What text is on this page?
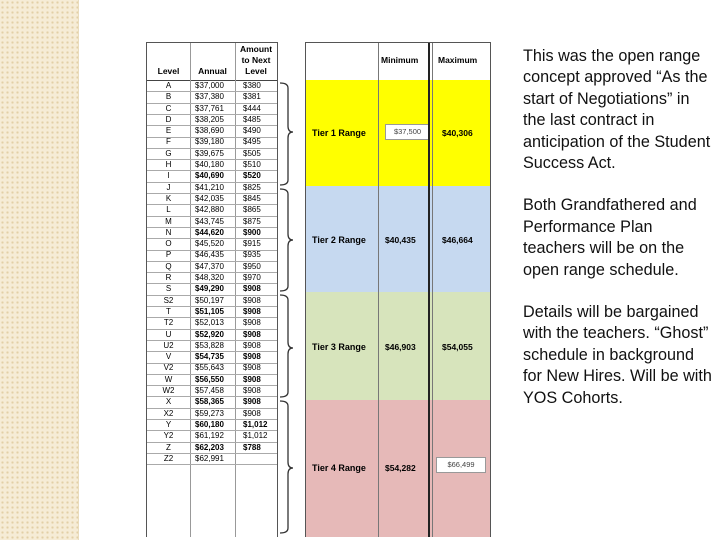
Level	Annual
Amount
to Next
Level
A	$37,000	$380
B	$37,380	$381
C	$37,761	$444
D	$38,205	$485
E	$38,690	$490
F	$39,180	$495
G	$39,675	$505
H	$40,180	$510
I	$40,690	$520
J	$41,210	$825
K	$42,035	$845
L	$42,880	$865
M	$43,745	$875
N	$44,620	$900
O	$45,520	$915
P	$46,435	$935
Q	$47,370	$950
R	$48,320	$970
S	$49,290	$908
S2	$50,197	$908
T	$51,105	$908
T2	$52,013	$908
U	$52,920	$908
U2	$53,828	$908
V	$54,735	$908
V2	$55,643	$908
W	$56,550	$908
W2	$57,458	$908
X	$58,365	$908
X2	$59,273	$908
Y	$60,180	$1,012
Y2	$61,192	$1,012
Z	$62,203	$788
Z2	$62,991
Minimum Maximum
Tier 1 Range	$37,500	$40,306
Tier 2 Range $40,435	$46,664
Tier 3 Range $46,903	$54,055
Tier 4 Range $54,282	$66,499

This was the open range concept approved “As the start of Negotiations” in the last contract in anticipation of the Student Success Act.

Both Grandfathered and Performance Plan teachers will be on the open range schedule.

Details will be bargained with the teachers. “Ghost” schedule in background for New Hires. Will be with YOS Cohorts.
